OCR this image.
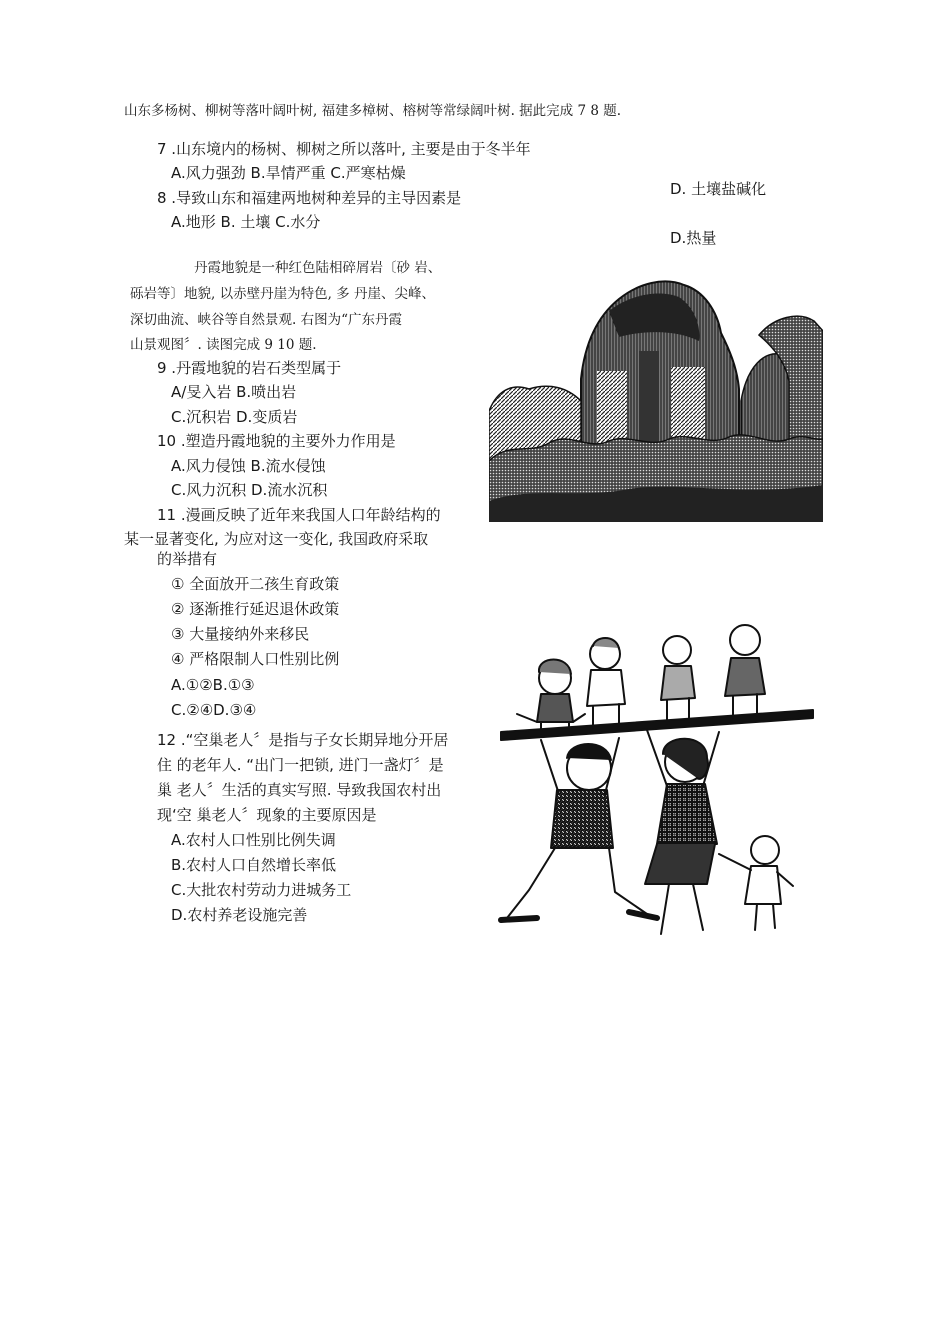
山东多杨树、柳树等落叶阔叶树, 福建多樟树、榕树等常绿阔叶树. 据此完成 7 8 题.
7 .山东境内的杨树、柳树之所以落叶, 主要是由于冬半年
A.风力强劲 B.旱情严重 C.严寒枯燥
D. 土壤盐碱化
8 .导致山东和福建两地树种差异的主导因素是
A.地形 B. 土壤 C.水分
D.热量
丹霞地貌是一种红色陆相碎屑岩〔砂 岩、
砾岩等〕地貌, 以赤壁丹崖为特色, 多 丹崖、尖峰、
深切曲流、峡谷等自然景观. 右图为“广东丹霞
山景观图〞. 读图完成 9 10 题.
9 .丹霞地貌的岩石类型属于
A/旻入岩 B.喷出岩
C.沉积岩 D.变质岩
10 .塑造丹霞地貌的主要外力作用是
A.风力侵蚀 B.流水侵蚀
C.风力沉积 D.流水沉积
11 .漫画反映了近年来我国人口年龄结构的
某一显著变化, 为应对这一变化, 我国政府采取
的举措有
① 全面放开二孩生育政策
② 逐渐推行延迟退休政策
③ 大量接纳外来移民
④ 严格限制人口性别比例
A.①②B.①③
C.②④D.③④
12 .“空巢老人〞是指与子女长期异地分开居
住 的老年人. “出门一把锁, 进门一盏灯〞是
巢 老人〞生活的真实写照. 导致我国农村出
现‘空 巢老人〞现象的主要原因是
A.农村人口性别比例失调
B.农村人口自然增长率低
C.大批农村劳动力进城务工
D.农村养老设施完善
